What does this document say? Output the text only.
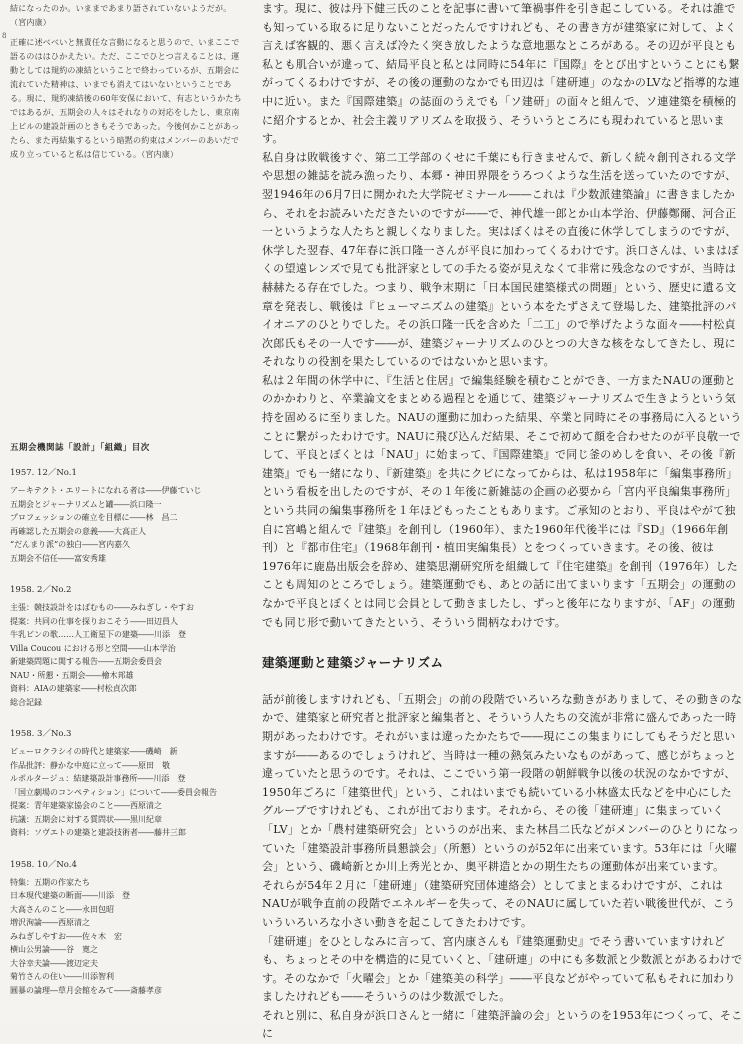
8

結になったのか。いままであまり語されていないようだが。（宮内康）

正確に述べべいと無責任な言動になると思うので、いまここで語るのははひかえたい。ただ、ここでひとつ言えることは、運動としては規約の凍結ということで終わっているが、五期会に流れていた精神は、いまでも消えてはいないということである。現に、規約凍結後の60年安保において、有志というかたちではあるが、五期会の人々はそれなりの対応をしたし、東京南上ビルの建設計画のときもそうであった。今後何かことがあったら、また再結集するという暗黙の約束はメンバーのあいだで成り立っていると私は信じている。（宮内康）

五期会機関誌「設計」「組織」目次
1957. 12／No.1
アーキテクト・エリートになれる者は――伊藤ていじ
五期会とジャーナリズムと罐――浜口隆一
プロフェッションの確立を目標に――林　昌二
再確認した五期会の意義――大高正人
“だんまり派”の独白――宮内嘉久
五期会不信任――富安秀雄
1958. 2／No.2
主張：競技設計をはばむもの――みねぎし・やすお
提案：共同の仕事を探りおこそう――田辺員人
牛乳ビンの歌……人工衛星下の建築――川添　登
Villa Coucou における形と空間――山本学治
新建築問題に関する報告――五期会委員会
NAU・所懇・五期会――檜木邦雄
資料：AIAの建築家――村松貞次郎
総合記録
1958. 3／No.3
ビューロクラシイの時代と建築家――磯崎　新
作品批評：静かな中庭に立って――原田　敬
ルポルタージュ：結建築設計事務所――川添　登
「国立劇場のコンペティション」について――委員会報告
提案：青年建築家協会のこと――西原清之
抗議：五期会に対する質問状――黒川紀章
資料：ソヴエトの建築と建設技術者――藤井三郎
1958. 10／No.4
特集：五期の作家たち
日本現代建築の断面――川添　登
大高さんのこと――永田包昭
増沢洵論――西原清之
みねぎしやすお――佐々木　宏
横山公男論――谷　寛之
大谷幸夫論――渡辺定夫
菊竹さんの住い――川添智利
圓暴の論理―草月会館をみて――斎藤孝彦

ます。現に、彼は丹下健三氏のことを記事に書いて筆禍事件を引き起こしている。それは誰でも知っている取るに足りないことだったんですけれども、その書き方が建築家に対して、よく言えば客観的、悪く言えば冷たく突き放したような意地悪なところがある。その辺が平良とも私とも肌合いが違って、結局平良と私とは同時に54年に『国際』をとび出すということにも繋がってくるわけですが、その後の運動のなかでも田辺は「建研連」のなかのLVなど指導的な連中に近い。また『国際建築』の誌面のうえでも「ソ建研」の面々と組んで、ソ連建築を積極的に紹介するとか、社会主義リアリズムを取扱う、そういうところにも現われていると思います。

私自身は敗戦後すぐ、第二工学部のくせに千葉にも行きませんで、新しく続々創刊される文学や思想の雑誌を読み漁ったり、本郷・神田界隈をうろつくような生活を送っていたのですが、翌1946年の6月7日に開かれた大学院ゼミナール――これは『少数派建築論』に書きましたから、それをお読みいただきたいのですが――で、神代雄一郎とか山本学治、伊藤鄭爾、河合正一というような人たちと親しくなりました。実はぼくはその直後に休学してしまうのですが、休学した翌春、47年春に浜口隆一さんが平良に加わってくるわけです。浜口さんは、いまはぼくの望遠レンズで見ても批評家としての手たる姿が見えなくて非常に残念なのですが、当時は赫赫たる存在でした。つまり、戦争末期に「日本国民建築様式の問題」という、歴史に遺る文章を発表し、戦後は『ヒューマニズムの建築』という本をたずさえて登場した、建築批評のパイオニアのひとりでした。その浜口隆一氏を含めた「二工」ので挙げたような面々――村松貞次郎氏もその一人です――が、建築ジャーナリズムのひとつの大きな核をなしてきたし、現にそれなりの役割を果たしているのではないかと思います。

私は２年間の休学中に、『生活と住居』で編集経験を積むことができ、一方またNAUの運動とのかかわりと、卒業論文をまとめる過程とを通じて、建築ジャーナリズムで生きようという気持を固めるに至りました。NAUの運動に加わった結果、卒業と同時にその事務局に入るということに繋がったわけです。NAUに飛び込んだ結果、そこで初めて顔を合わせたのが平良敬一でして、平良とぼくとは「NAU」に始まって、『国際建築』で同じ釜のめしを食い、その後『新建築』でも一緒になり、『新建築』を共にクビになってからは、私は1958年に「編集事務所」という看板を出したのですが、その１年後に新雑誌の企画の必要から「宮内平良編集事務所」という共同の編集事務所を１年ほどもったこともあります。ご承知のとおり、平良はやがて独自に宮嶋と組んで『建築』を創刊し（1960年）、また1960年代後半には『SD』（1966年創刊）と『都市住宅』（1968年創刊・植田実編集長）とをつくっていきます。その後、彼は1976年に鹿島出版会を辞め、建築思潮研究所を組織して『住宅建築』を創刊（1976年）したことも周知のところでしょう。建築運動でも、あとの話に出てまいります「五期会」の運動のなかで平良とぼくとは同じ会員として動きましたし、ずっと後年になりますが、「AF」の運動でも同じ形で動いてきたという、そういう間柄なわけです。

建築運動と建築ジャーナリズム

話が前後しますけれども、「五期会」の前の段階でいろいろな動きがありまして、その動きのなかで、建築家と研究者と批評家と編集者と、そういう人たちの交流が非常に盛んであった一時期があったわけです。それがいまは違ったかたちで――現にこの集まりにしてもそうだと思いますが――あるのでしょうけれど、当時は一種の熱気みたいなものがあって、感じがちょっと違っていたと思うのです。それは、ここでいう第一段階の朝鮮戦争以後の状況のなかですが、1950年ごろに「建築世代」という、これはいまでも続いている小林盛太氏などを中心にしたグループですけれども、これが出ております。それから、その後「建研連」に集まっていく「LV」とか「農村建築研究会」というのが出来、また林昌二氏などがメンバーのひとりになっていた「建築設計事務所員懇談会」（所懇）というのが52年に出来ています。53年には「火曜会」という、磯崎新とか川上秀光とか、奥平耕造とかの期生たちの運動体が出来ています。

それらが54年２月に「建研連」（建築研究団体連絡会）としてまとまるわけですが、これはNAUが戦争直前の段階でエネルギーを失って、そのNAUに属していた若い戦後世代が、こういういろいろな小さい動きを起こしてきたわけです。

「建研連」をひとしなみに言って、宮内康さんも『建築運動史』でそう書いていますけれども、ちょっとその中を構造的に見ていくと、「建研連」の中にも多数派と少数派とがあるわけです。そのなかで「火曜会」とか「建築美の科学」――平良などがやっていて私もそれに加わりましたけれども――そういうのは少数派でした。

それと別に、私自身が浜口さんと一緒に「建築評論の会」というのを1953年につくって、そこに
